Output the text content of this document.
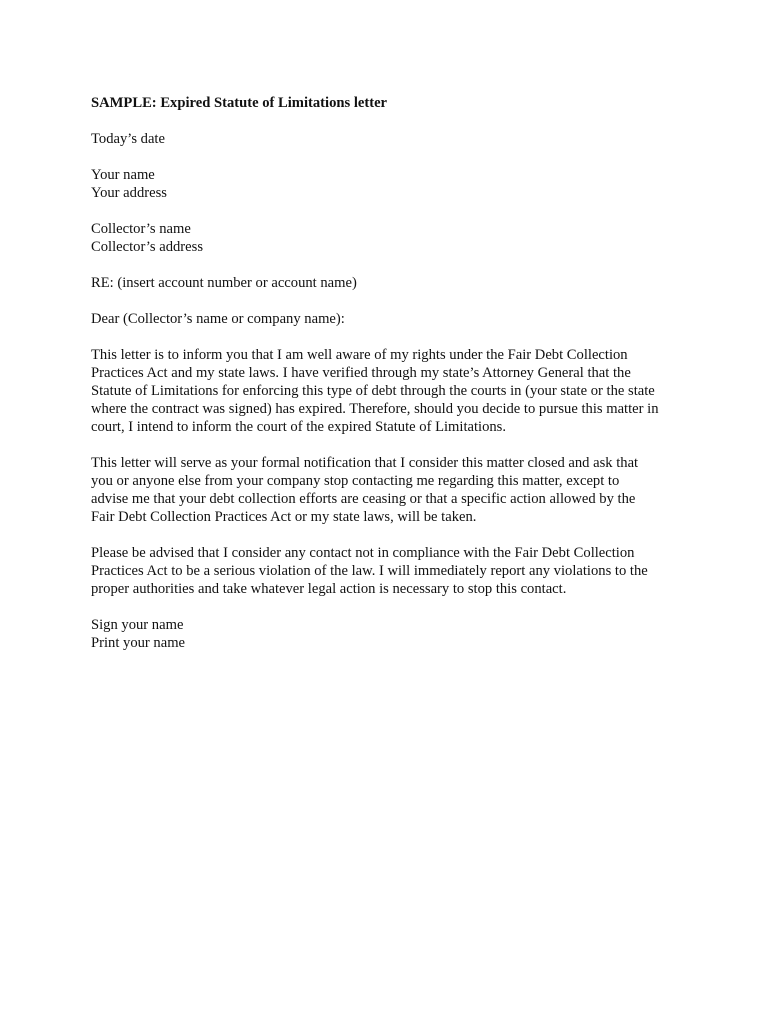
SAMPLE: Expired Statute of Limitations letter
Today’s date
Your name
Your address
Collector’s name
Collector’s address
RE: (insert account number or account name)
Dear (Collector’s name or company name):
This letter is to inform you that I am well aware of my rights under the Fair Debt Collection
Practices Act and my state laws. I have verified through my state’s Attorney General that the
Statute of Limitations for enforcing this type of debt through the courts in (your state or the state
where the contract was signed) has expired. Therefore, should you decide to pursue this matter in
court, I intend to inform the court of the expired Statute of Limitations.
This letter will serve as your formal notification that I consider this matter closed and ask that
you or anyone else from your company stop contacting me regarding this matter, except to
advise me that your debt collection efforts are ceasing or that a specific action allowed by the
Fair Debt Collection Practices Act or my state laws, will be taken.
Please be advised that I consider any contact not in compliance with the Fair Debt Collection
Practices Act to be a serious violation of the law. I will immediately report any violations to the
proper authorities and take whatever legal action is necessary to stop this contact.
Sign your name
Print your name
